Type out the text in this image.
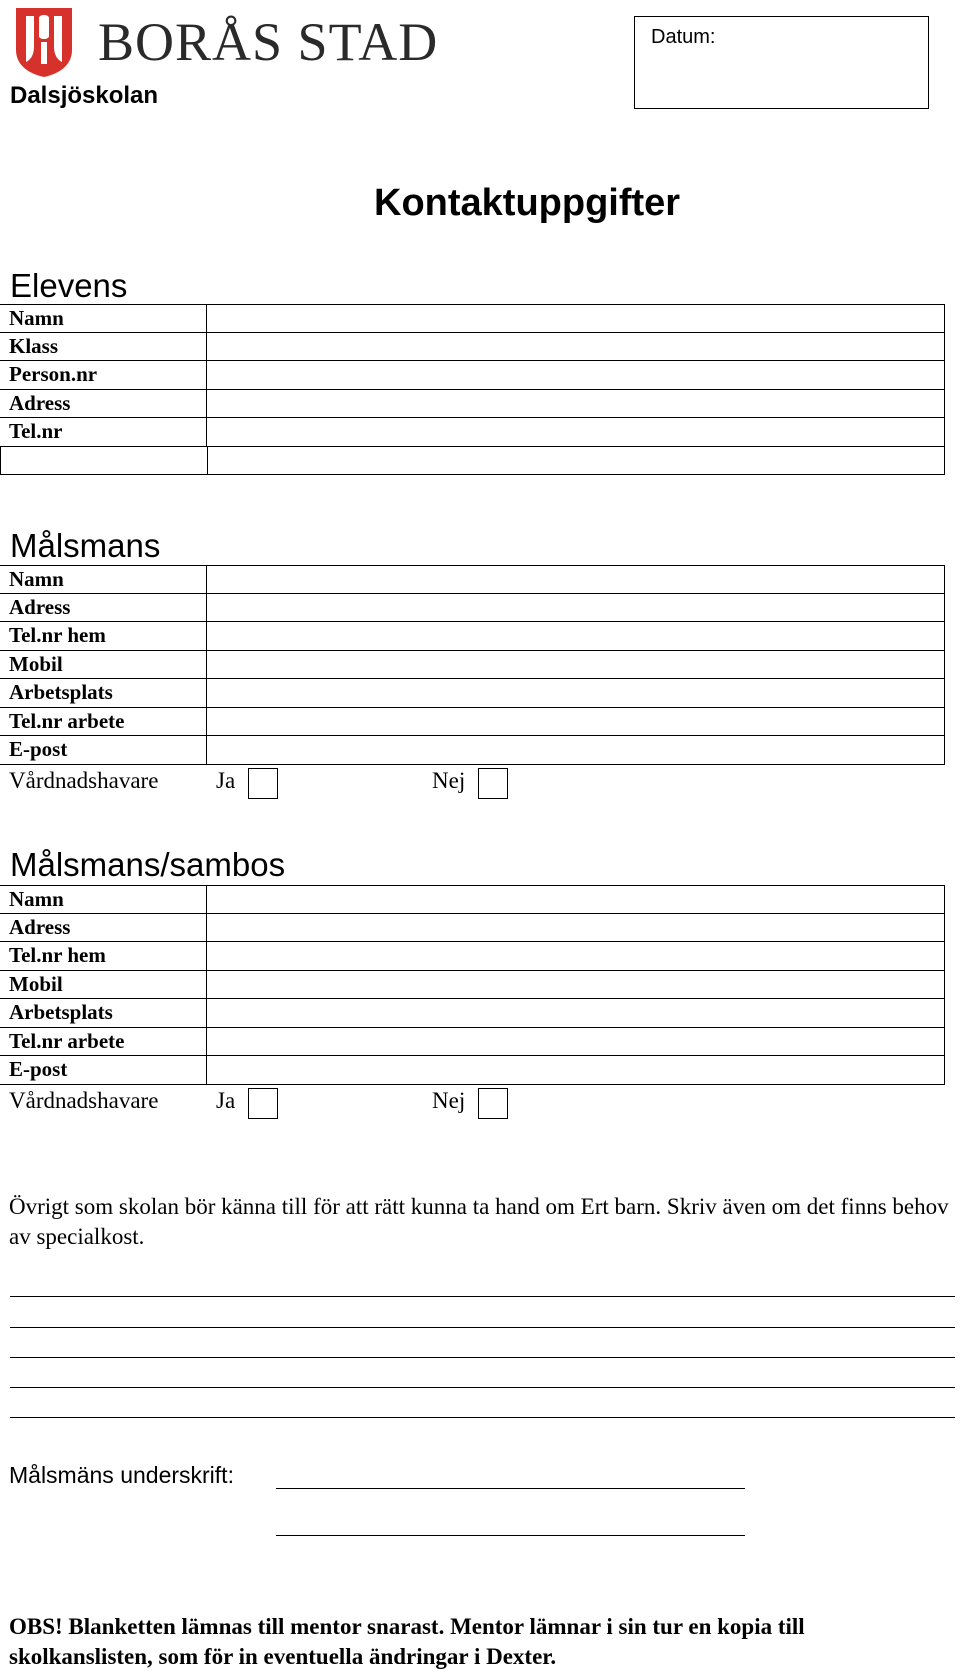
BORÅS STAD
Dalsjöskolan
Datum:
Kontaktuppgifter
Elevens
Namn
Klass
Person.nr
Adress
Tel.nr
Målsmans
Namn
Adress
Tel.nr hem
Mobil
Arbetsplats
Tel.nr arbete
E-post
Vårdnadshavare	Ja	Nej
Målsmans/sambos
Namn
Adress
Tel.nr hem
Mobil
Arbetsplats
Tel.nr arbete
E-post
Vårdnadshavare	Ja	Nej
Övrigt som skolan bör känna till för att rätt kunna ta hand om Ert barn. Skriv även om det finns behov av specialkost.
Målsmäns underskrift:
OBS! Blanketten lämnas till mentor snarast. Mentor lämnar i sin tur en kopia till skolkanslisten, som för in eventuella ändringar i Dexter.
